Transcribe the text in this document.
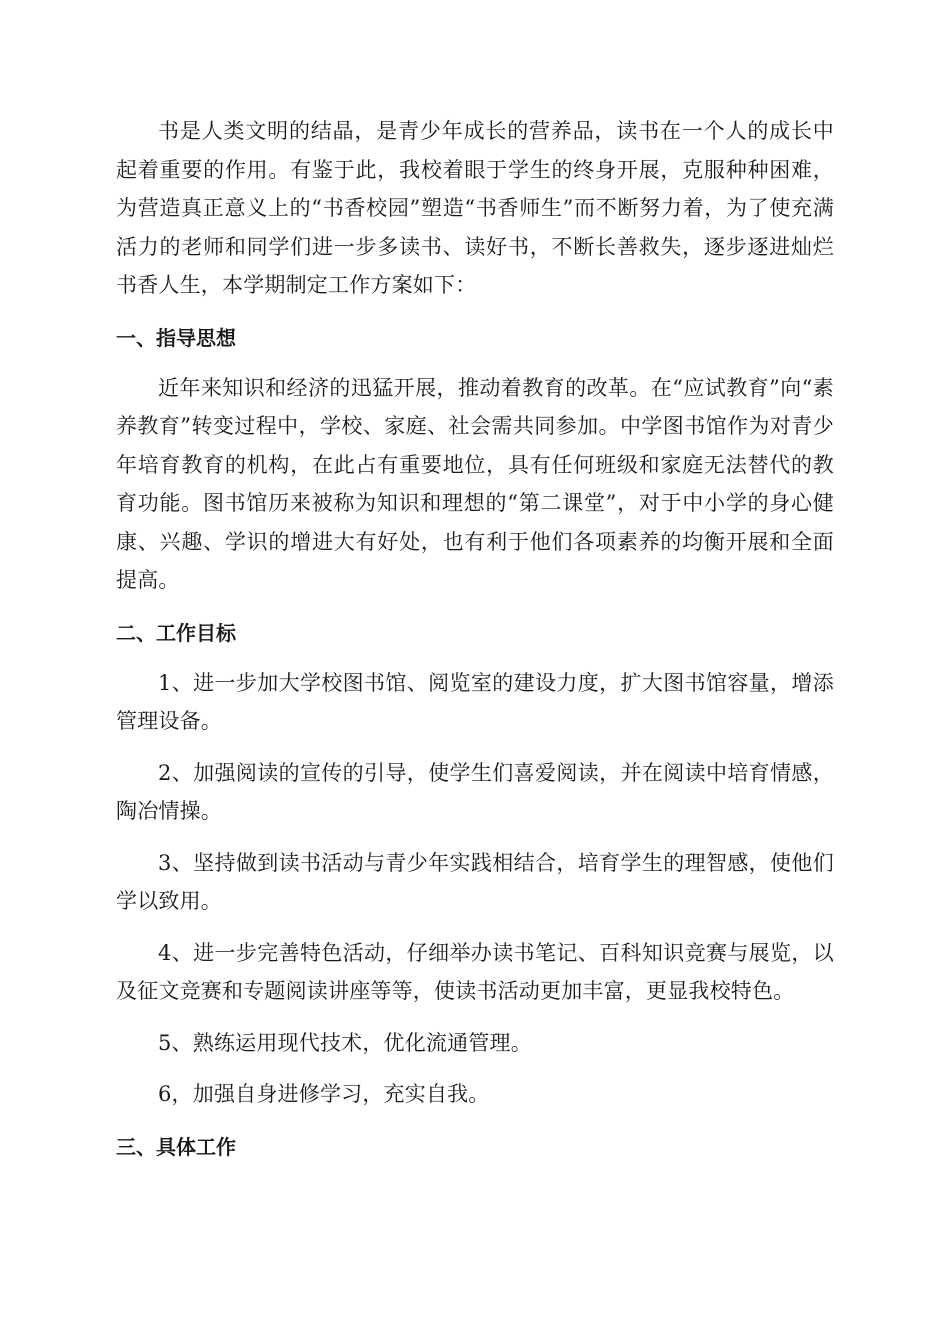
书是人类文明的结晶，是青少年成长的营养品，读书在一个人的成长中起着重要的作用。有鉴于此，我校着眼于学生的终身开展，克服种种困难，为营造真正意义上的“书香校园”塑造“书香师生”而不断努力着，为了使充满活力的老师和同学们进一步多读书、读好书，不断长善救失，逐步逐进灿烂书香人生，本学期制定工作方案如下：

一、指导思想

近年来知识和经济的迅猛开展，推动着教育的改革。在“应试教育”向“素养教育”转变过程中，学校、家庭、社会需共同参加。中学图书馆作为对青少年培育教育的机构，在此占有重要地位，具有任何班级和家庭无法替代的教育功能。图书馆历来被称为知识和理想的“第二课堂”，对于中小学的身心健康、兴趣、学识的增进大有好处，也有利于他们各项素养的均衡开展和全面提高。

二、工作目标

1、进一步加大学校图书馆、阅览室的建设力度，扩大图书馆容量，增添管理设备。

2、加强阅读的宣传的引导，使学生们喜爱阅读，并在阅读中培育情感，陶冶情操。

3、坚持做到读书活动与青少年实践相结合，培育学生的理智感，使他们学以致用。

4、进一步完善特色活动，仔细举办读书笔记、百科知识竞赛与展览，以及征文竞赛和专题阅读讲座等等，使读书活动更加丰富，更显我校特色。

5、熟练运用现代技术，优化流通管理。

6，加强自身进修学习，充实自我。

三、具体工作
